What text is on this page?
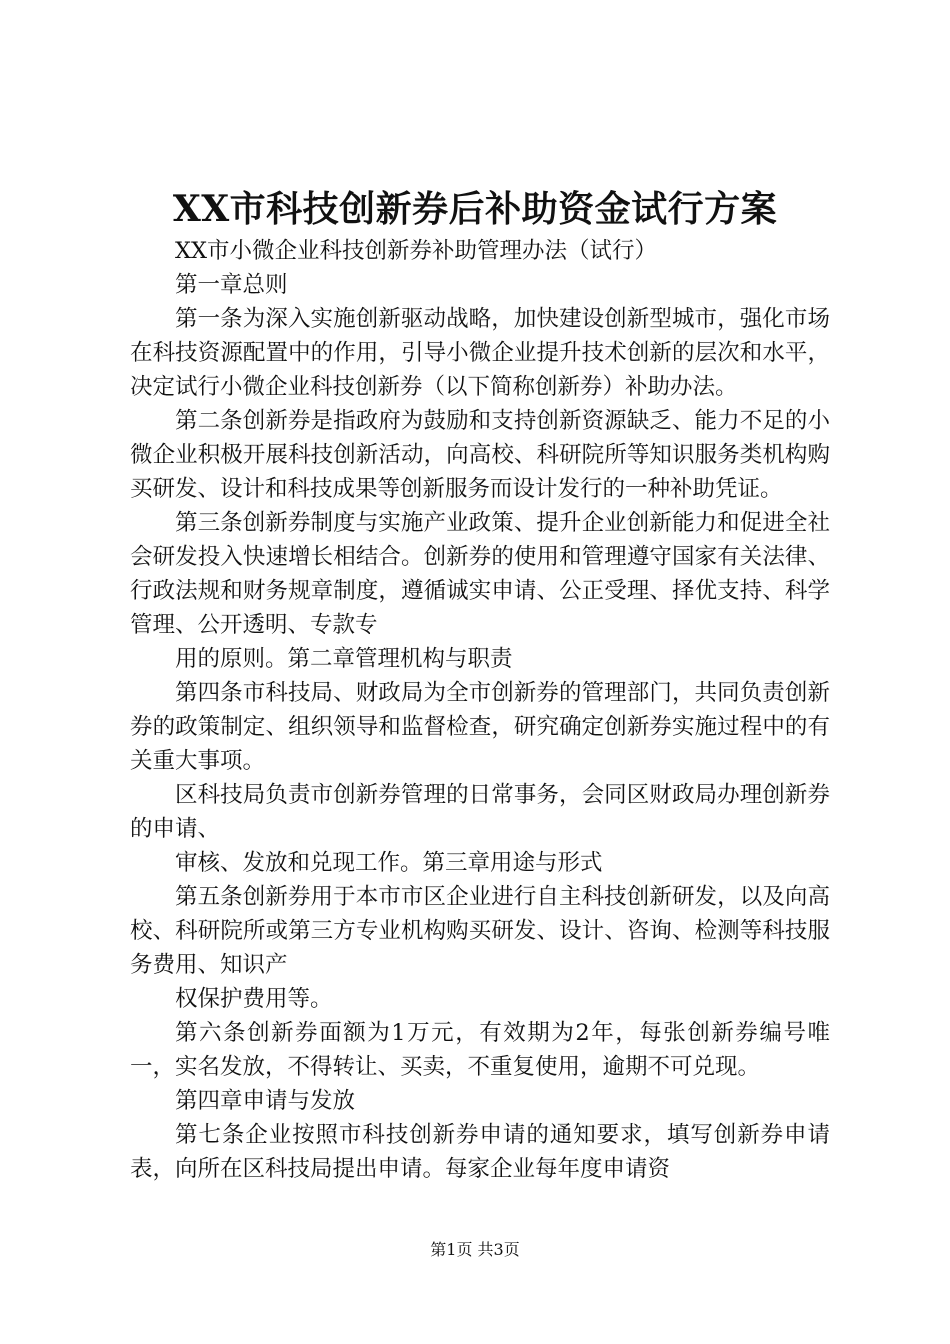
XX市科技创新券后补助资金试行方案

XX市小微企业科技创新券补助管理办法（试行）

第一章总则

第一条为深入实施创新驱动战略，加快建设创新型城市，强化市场在科技资源配置中的作用，引导小微企业提升技术创新的层次和水平，决定试行小微企业科技创新券（以下简称创新券）补助办法。

第二条创新券是指政府为鼓励和支持创新资源缺乏、能力不足的小微企业积极开展科技创新活动，向高校、科研院所等知识服务类机构购买研发、设计和科技成果等创新服务而设计发行的一种补助凭证。

第三条创新券制度与实施产业政策、提升企业创新能力和促进全社会研发投入快速增长相结合。创新券的使用和管理遵守国家有关法律、行政法规和财务规章制度，遵循诚实申请、公正受理、择优支持、科学管理、公开透明、专款专

用的原则。第二章管理机构与职责

第四条市科技局、财政局为全市创新券的管理部门，共同负责创新券的政策制定、组织领导和监督检查，研究确定创新券实施过程中的有关重大事项。

区科技局负责市创新券管理的日常事务，会同区财政局办理创新券的申请、

审核、发放和兑现工作。第三章用途与形式

第五条创新券用于本市市区企业进行自主科技创新研发，以及向高校、科研院所或第三方专业机构购买研发、设计、咨询、检测等科技服务费用、知识产

权保护费用等。

第六条创新券面额为1万元，有效期为2年，每张创新券编号唯一，实名发放，不得转让、买卖，不重复使用，逾期不可兑现。

第四章申请与发放

第七条企业按照市科技创新券申请的通知要求，填写创新券申请表，向所在区科技局提出申请。每家企业每年度申请资

第1页 共3页
